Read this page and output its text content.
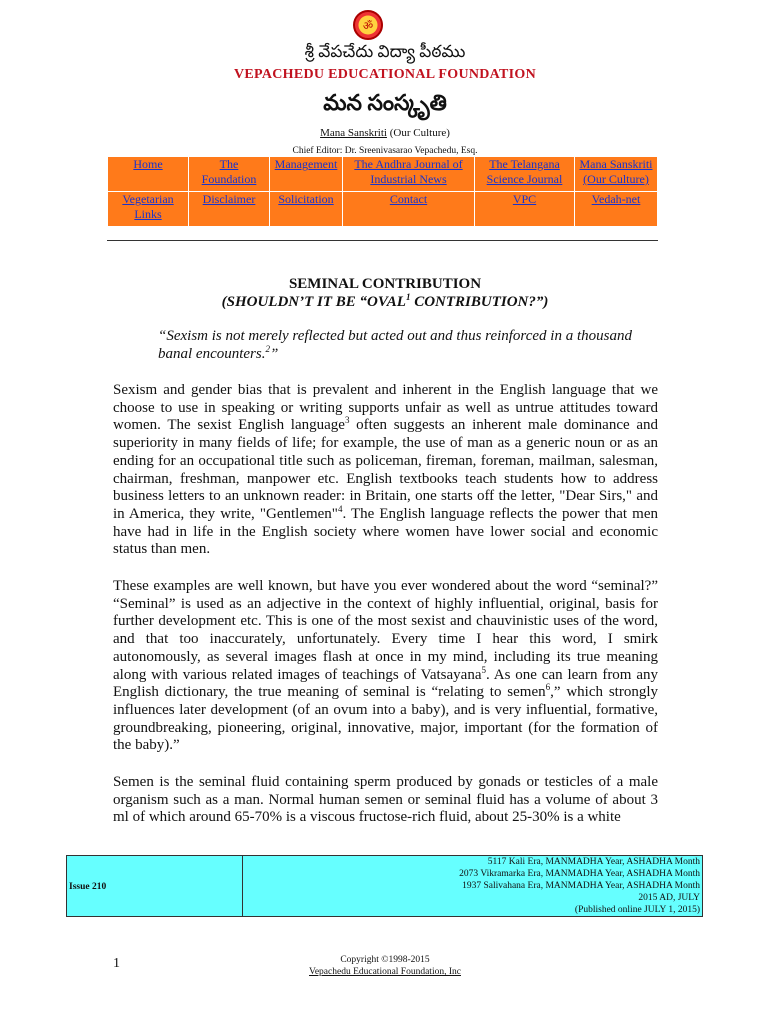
ॐ
శ్రీ వేపచేదు విద్యా పీఠము
VEPACHEDU EDUCATIONAL FOUNDATION
మన సంస్కృతి
Mana Sanskriti (Our Culture)
Chief Editor: Dr. Sreenivasarao Vepachedu, Esq.
Home	The Foundation	Management	The Andhra Journal of Industrial News	The Telangana Science Journal	Mana Sanskriti (Our Culture)
Vegetarian Links	Disclaimer	Solicitation	Contact	VPC	Vedah-net
SEMINAL CONTRIBUTION
(SHOULDN’T IT BE “OVAL$^1$ CONTRIBUTION?”)
“Sexism is not merely reflected but acted out and thus reinforced in a thousand banal encounters.$^2$”
Sexism and gender bias that is prevalent and inherent in the English language that we choose to use in speaking or writing supports unfair as well as untrue attitudes toward women. The sexist English language$^3$ often suggests an inherent male dominance and superiority in many fields of life; for example, the use of man as a generic noun or as an ending for an occupational title such as policeman, fireman, foreman, mailman, salesman, chairman, freshman, manpower etc. English textbooks teach students how to address business letters to an unknown reader: in Britain, one starts off the letter, "Dear Sirs," and in America, they write, "Gentlemen"$^4$. The English language reflects the power that men have had in life in the English society where women have lower social and economic status than men.
These examples are well known, but have you ever wondered about the word “seminal?” “Seminal” is used as an adjective in the context of highly influential, original, basis for further development etc. This is one of the most sexist and chauvinistic uses of the word, and that too inaccurately, unfortunately. Every time I hear this word, I smirk autonomously, as several images flash at once in my mind, including its true meaning along with various related images of teachings of Vatsayana$^5$. As one can learn from any English dictionary, the true meaning of seminal is “relating to semen$^6$,” which strongly influences later development (of an ovum into a baby), and is very influential, formative, groundbreaking, pioneering, original, innovative, major, important (for the formation of the baby).”
Semen is the seminal fluid containing sperm produced by gonads or testicles of a male organism such as a man. Normal human semen or seminal fluid has a volume of about 3 ml of which around 65-70% is a viscous fructose-rich fluid, about 25-30% is a white
Issue 210
5117 Kali Era, MANMADHA Year, ASHADHA Month
2073 Vikramarka Era, MANMADHA Year, ASHADHA Month
1937 Salivahana Era, MANMADHA Year, ASHADHA Month
2015 AD, JULY
(Published online JULY 1, 2015)
1	Copyright ©1998-2015
Vepachedu Educational Foundation, Inc
